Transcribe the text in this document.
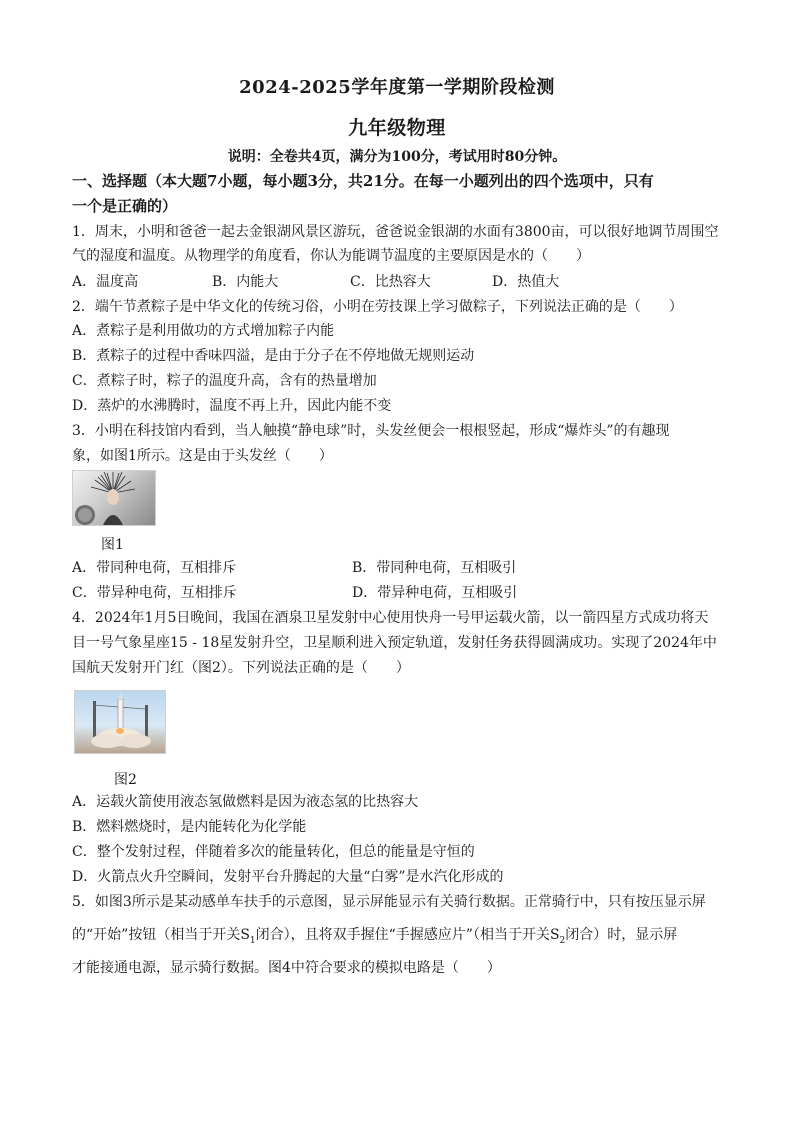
2024-2025学年度第一学期阶段检测
九年级物理
说明：全卷共4页，满分为100分，考试用时80分钟。
一、选择题（本大题7小题，每小题3分，共21分。在每一小题列出的四个选项中，只有
一个是正确的）
1．周末，小明和爸爸一起去金银湖风景区游玩，爸爸说金银湖的水面有3800亩，可以很好地调节周围空
气的湿度和温度。从物理学的角度看，你认为能调节温度的主要原因是水的（　　）
A．温度高	B．内能大	C．比热容大	D．热值大
2．端午节煮粽子是中华文化的传统习俗，小明在劳技课上学习做粽子，下列说法正确的是（　　）
A．煮粽子是利用做功的方式增加粽子内能
B．煮粽子的过程中香味四溢，是由于分子在不停地做无规则运动
C．煮粽子时，粽子的温度升高，含有的热量增加
D．蒸炉的水沸腾时，温度不再上升，因此内能不变
3．小明在科技馆内看到，当人触摸“静电球”时，头发丝便会一根根竖起，形成“爆炸头”的有趣现
象，如图1所示。这是由于头发丝（　　）
图1
A．带同种电荷，互相排斥	B．带同种电荷，互相吸引
C．带异种电荷，互相排斥	D．带异种电荷，互相吸引
4．2024年1月5日晚间，我国在酒泉卫星发射中心使用快舟一号甲运载火箭，以一箭四星方式成功将天
目一号气象星座15 - 18星发射升空，卫星顺利进入预定轨道，发射任务获得圆满成功。实现了2024年中
国航天发射开门红（图2）。下列说法正确的是（　　）
图2
A．运载火箭使用液态氢做燃料是因为液态氢的比热容大
B．燃料燃烧时，是内能转化为化学能
C．整个发射过程，伴随着多次的能量转化，但总的能量是守恒的
D．火箭点火升空瞬间，发射平台升腾起的大量“白雾”是水汽化形成的
5．如图3所示是某动感单车扶手的示意图，显示屏能显示有关骑行数据。正常骑行中，只有按压显示屏
的“开始”按钮（相当于开关$S_1$闭合），且将双手握住“手握感应片”（相当于开关$S_2$闭合）时，显示屏
才能接通电源，显示骑行数据。图4中符合要求的模拟电路是（　　）
